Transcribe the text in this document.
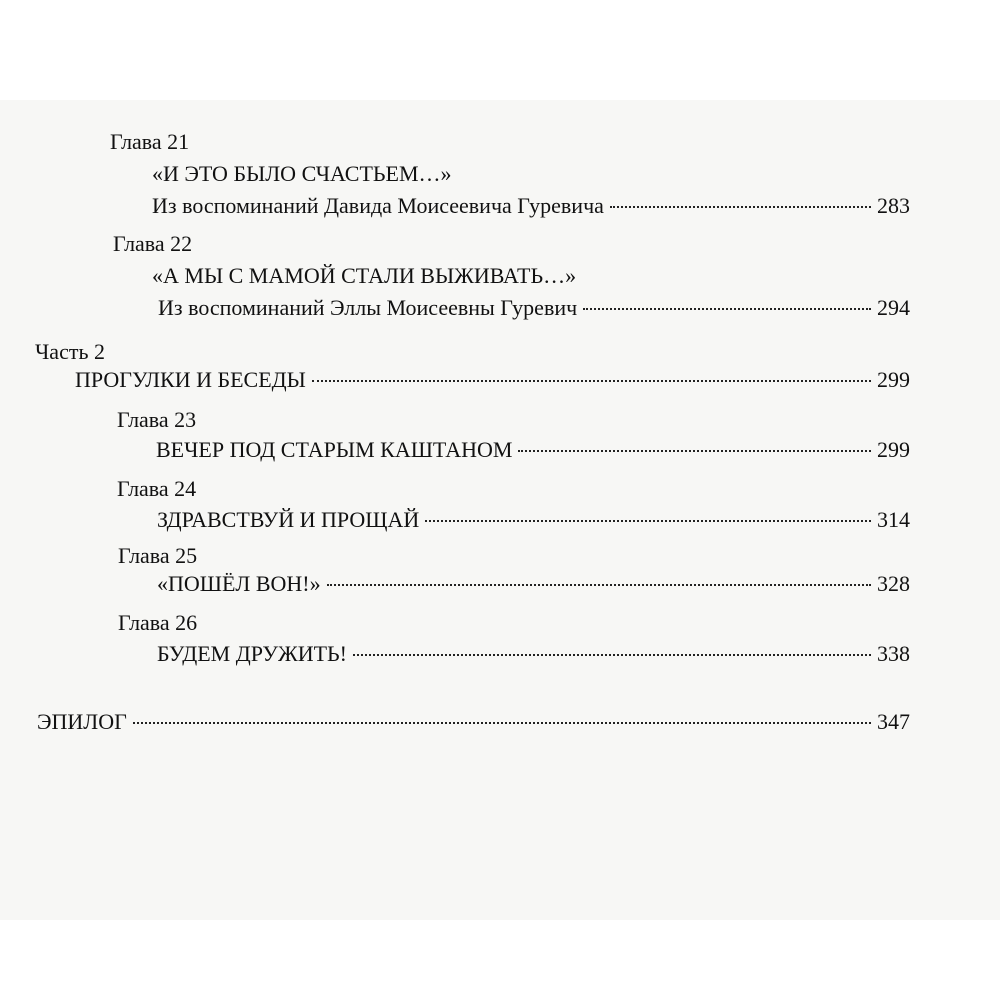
Глава 21
«И ЭТО БЫЛО СЧАСТЬЕМ…»
Из воспоминаний Давида Моисеевича Гуревича	283
Глава 22
«А МЫ С МАМОЙ СТАЛИ ВЫЖИВАТЬ…»
Из воспоминаний Эллы Моисеевны Гуревич	294
Часть 2
ПРОГУЛКИ И БЕСЕДЫ	299
Глава 23
ВЕЧЕР ПОД СТАРЫМ КАШТАНОМ	299
Глава 24
ЗДРАВСТВУЙ И ПРОЩАЙ	314
Глава 25
«ПОШЁЛ ВОН!»	328
Глава 26
БУДЕМ ДРУЖИТЬ!	338
ЭПИЛОГ	347
